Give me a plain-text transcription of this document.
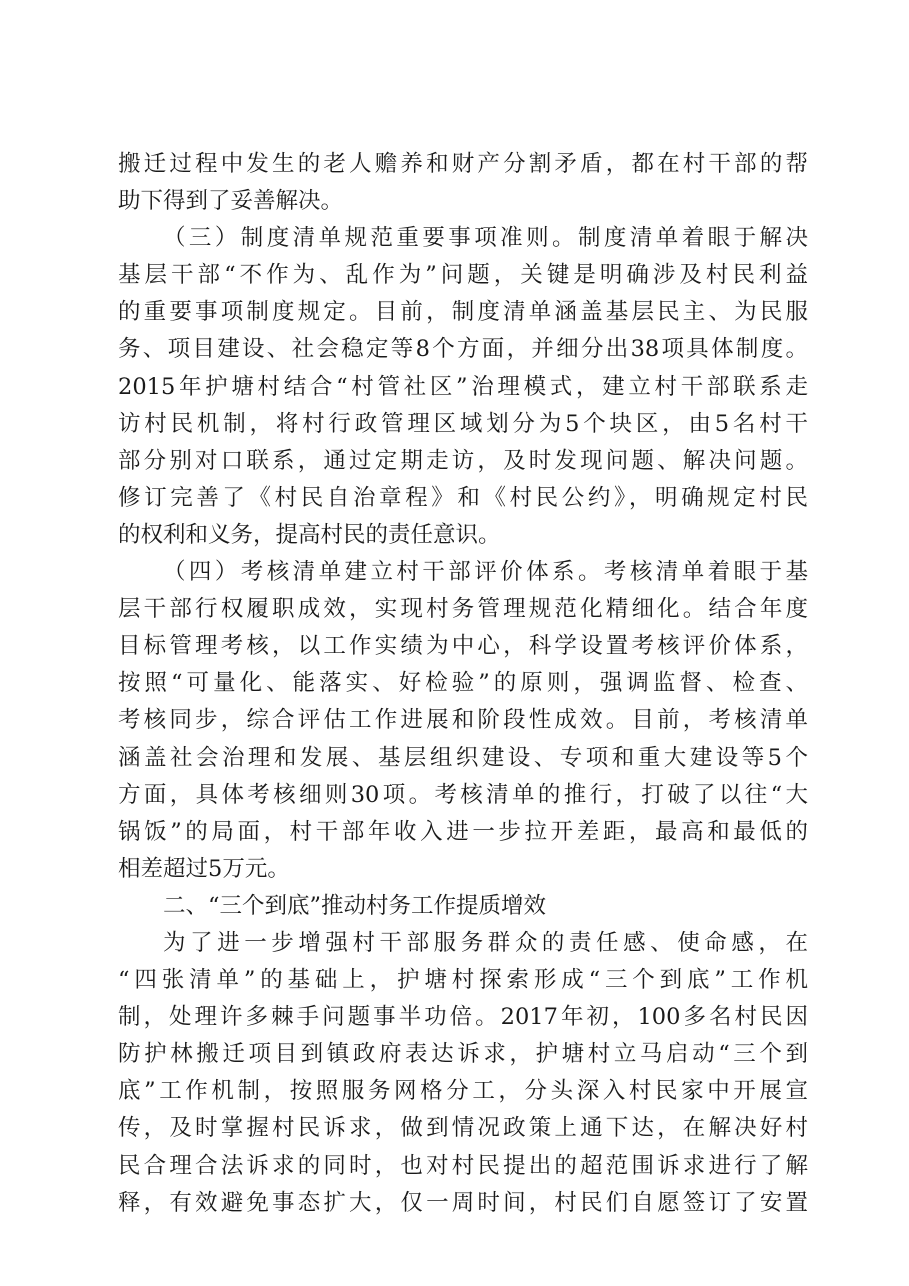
搬迁过程中发生的老人赡养和财产分割矛盾，都在村干部的帮
助下得到了妥善解决。
（三）制度清单规范重要事项准则。制度清单着眼于解决
基层干部“不作为、乱作为”问题，关键是明确涉及村民利益
的重要事项制度规定。目前，制度清单涵盖基层民主、为民服
务、项目建设、社会稳定等8个方面，并细分出38项具体制度。
2015年护塘村结合“村管社区”治理模式，建立村干部联系走
访村民机制，将村行政管理区域划分为5个块区，由5名村干
部分别对口联系，通过定期走访，及时发现问题、解决问题。
修订完善了《村民自治章程》和《村民公约》，明确规定村民
的权利和义务，提高村民的责任意识。
（四）考核清单建立村干部评价体系。考核清单着眼于基
层干部行权履职成效，实现村务管理规范化精细化。结合年度
目标管理考核，以工作实绩为中心，科学设置考核评价体系，
按照“可量化、能落实、好检验”的原则，强调监督、检查、
考核同步，综合评估工作进展和阶段性成效。目前，考核清单
涵盖社会治理和发展、基层组织建设、专项和重大建设等5个
方面，具体考核细则30项。考核清单的推行，打破了以往“大
锅饭”的局面，村干部年收入进一步拉开差距，最高和最低的
相差超过5万元。
二、“三个到底”推动村务工作提质增效
为了进一步增强村干部服务群众的责任感、使命感，在
“四张清单”的基础上，护塘村探索形成“三个到底”工作机
制，处理许多棘手问题事半功倍。2017年初，100多名村民因
防护林搬迁项目到镇政府表达诉求，护塘村立马启动“三个到
底”工作机制，按照服务网格分工，分头深入村民家中开展宣
传，及时掌握村民诉求，做到情况政策上通下达，在解决好村
民合理合法诉求的同时，也对村民提出的超范围诉求进行了解
释，有效避免事态扩大，仅一周时间，村民们自愿签订了安置
